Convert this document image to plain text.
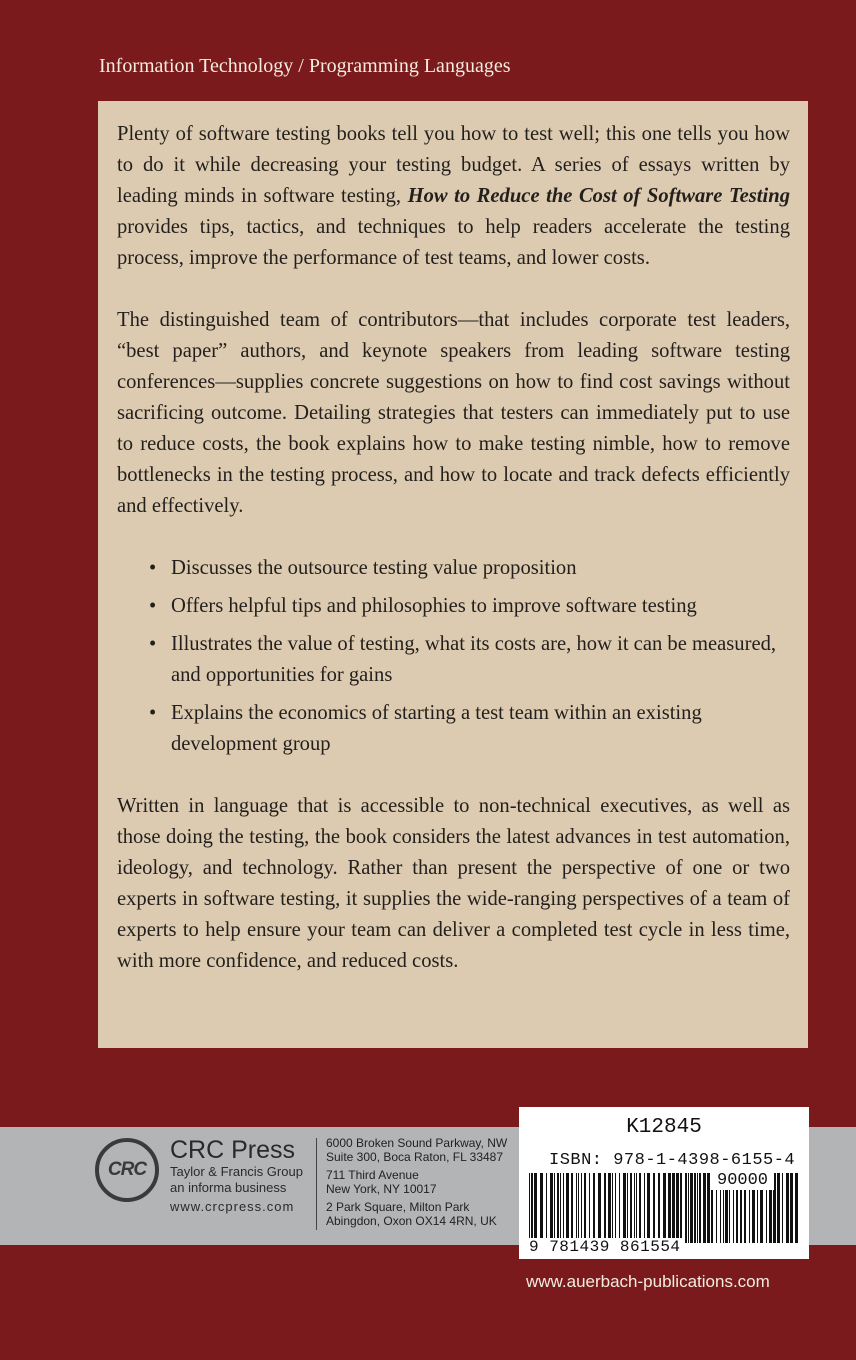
Information Technology / Programming Languages

Plenty of software testing books tell you how to test well; this one tells you how to do it while decreasing your testing budget. A series of essays written by leading minds in software testing, How to Reduce the Cost of Software Testing provides tips, tactics, and techniques to help readers accelerate the testing process, improve the performance of test teams, and lower costs.

The distinguished team of contributors—that includes corporate test leaders, “best paper” authors, and keynote speakers from leading software testing conferences—supplies concrete suggestions on how to find cost savings without sacrificing outcome. Detailing strategies that testers can immediately put to use to reduce costs, the book explains how to make testing nimble, how to remove bottlenecks in the testing process, and how to locate and track defects efficiently and effectively.

• Discusses the outsource testing value proposition
• Offers helpful tips and philosophies to improve software testing
• Illustrates the value of testing, what its costs are, how it can be measured, and opportunities for gains
• Explains the economics of starting a test team within an existing development group

Written in language that is accessible to non-technical executives, as well as those doing the testing, the book considers the latest advances in test automation, ideology, and technology. Rather than present the perspective of one or two experts in software testing, it supplies the wide-ranging perspectives of a team of experts to help ensure your team can deliver a completed test cycle in less time, with more confidence, and reduced costs.

CRC
CRC Press
Taylor & Francis Group
an informa business
www.crcpress.com
6000 Broken Sound Parkway, NW
Suite 300, Boca Raton, FL 33487
711 Third Avenue
New York, NY 10017
2 Park Square, Milton Park
Abingdon, Oxon OX14 4RN, UK
K12845
ISBN: 978-1-4398-6155-4
90000
9 781439 861554
www.auerbach-publications.com
